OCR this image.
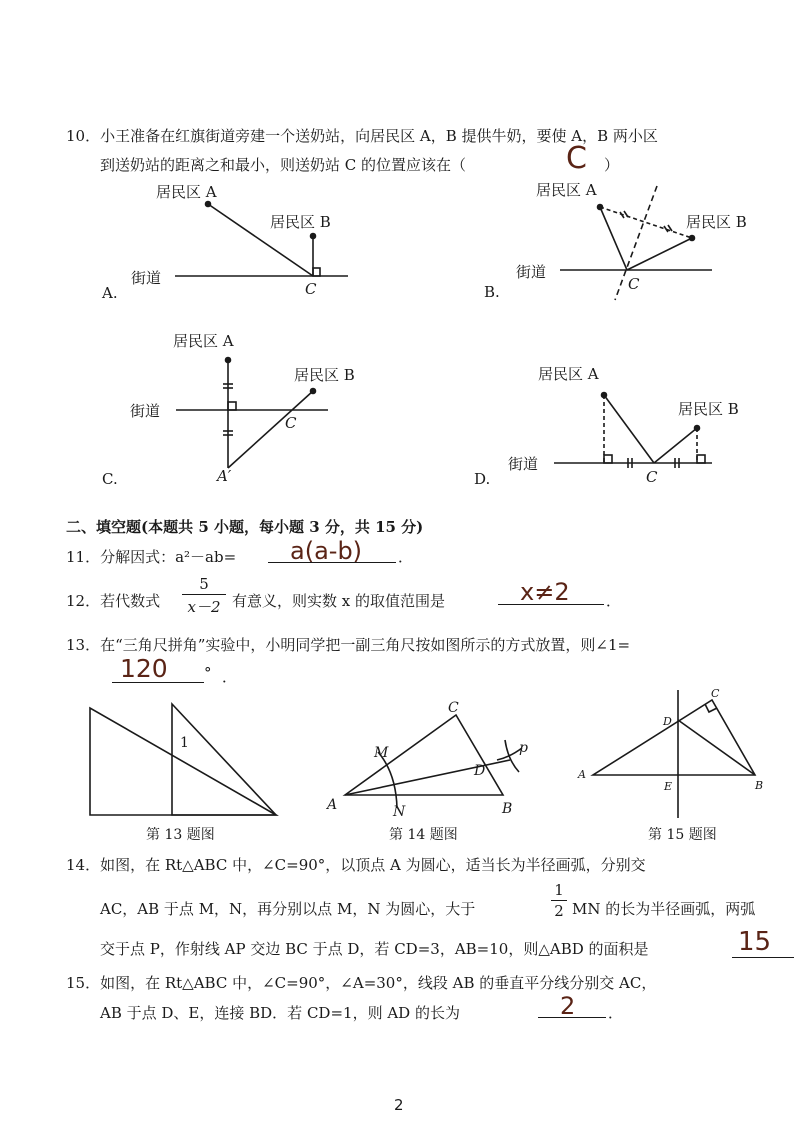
10．小王准备在红旗街道旁建一个送奶站，向居民区 A，B 提供牛奶，要使 A，B 两小区
到送奶站的距离之和最小，则送奶站 C 的位置应该在（	C ）
居民区 A
居民区 B
街道
C
A.
居民区 A
居民区 B
街道
C
B.
居民区 A
居民区 B
街道
C
A′
C.
居民区 A
居民区 B
街道
C
D.
二、填空题(本题共 5 小题，每小题 3 分，共 15 分)
11．分解因式：a²－ab= a(a-b) ．
12．若代数式
5
x－2 有意义，则实数 x 的取值范围是	x≠2 ．
13．在“三角尺拼角”实验中，小明同学把一副三角尺按如图所示的方式放置，则∠1=
120 ° ．
1
C
M	p
D
A	N	B
C
D
A
E	B
第 13 题图	第 14 题图	第 15 题图
14．如图，在 Rt△ABC 中，∠C=90°，以顶点 A 为圆心，适当长为半径画弧，分别交
AC，AB 于点 M，N，再分别以点 M，N 为圆心，大于
1
2 MN 的长为半径画弧，两弧
交于点 P，作射线 AP 交边 BC 于点 D，若 CD=3，AB=10，则△ABD 的面积是	15
15．如图，在 Rt△ABC 中，∠C=90°，∠A=30°，线段 AB 的垂直平分线分别交 AC，
AB 于点 D、E，连接 BD．若 CD=1，则 AD 的长为	2 ．
2
